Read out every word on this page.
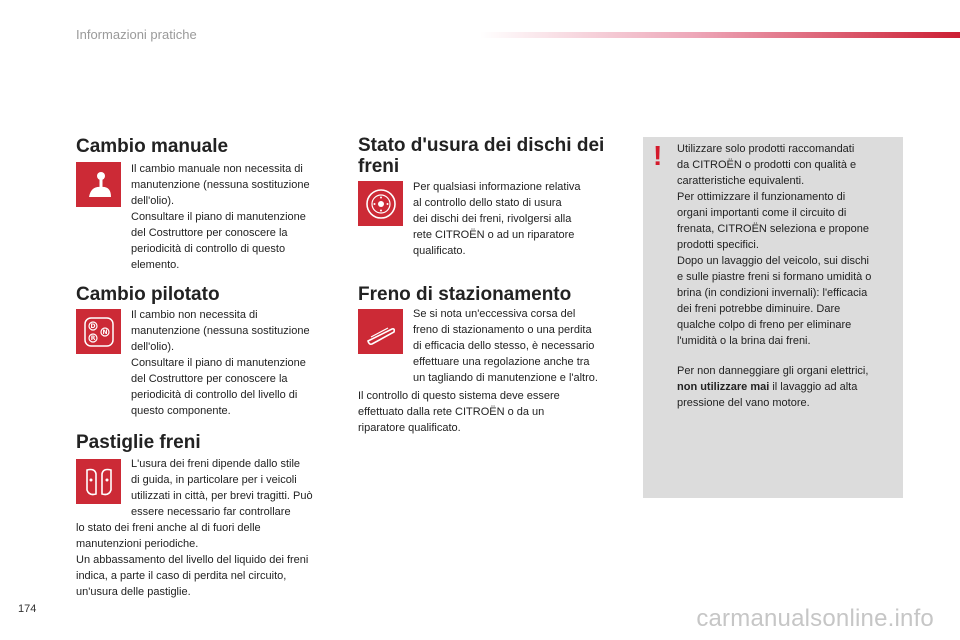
Informazioni pratiche
Cambio manuale
Il cambio manuale non necessita di
manutenzione (nessuna sostituzione
dell'olio).
Consultare il piano di manutenzione
del Costruttore per conoscere la
periodicità di controllo di questo
elemento.
Cambio pilotato
D
N
R
Il cambio non necessita di
manutenzione (nessuna sostituzione
dell'olio).
Consultare il piano di manutenzione
del Costruttore per conoscere la
periodicità di controllo del livello di
questo componente.
Pastiglie freni
L'usura dei freni dipende dallo stile
di guida, in particolare per i veicoli
utilizzati in città, per brevi tragitti. Può
essere necessario far controllare
lo stato dei freni anche al di fuori delle
manutenzioni periodiche.
Un abbassamento del livello del liquido dei freni
indica, a parte il caso di perdita nel circuito,
un'usura delle pastiglie.
Stato d'usura dei dischi dei
freni
Per qualsiasi informazione relativa
al controllo dello stato di usura
dei dischi dei freni, rivolgersi alla
rete CITROËN o ad un riparatore
qualificato.
Freno di stazionamento
Se si nota un'eccessiva corsa del
freno di stazionamento o una perdita
di efficacia dello stesso, è necessario
effettuare una regolazione anche tra
un tagliando di manutenzione e l'altro.
Il controllo di questo sistema deve essere
effettuato dalla rete CITROËN o da un
riparatore qualificato.
! Utilizzare solo prodotti raccomandati
da CITROËN o prodotti con qualità e
caratteristiche equivalenti.
Per ottimizzare il funzionamento di
organi importanti come il circuito di
frenata, CITROËN seleziona e propone
prodotti specifici.
Dopo un lavaggio del veicolo, sui dischi
e sulle piastre freni si formano umidità o
brina (in condizioni invernali): l'efficacia
dei freni potrebbe diminuire. Dare
qualche colpo di freno per eliminare
l'umidità o la brina dai freni.
Per non danneggiare gli organi elettrici,
non utilizzare mai il lavaggio ad alta
pressione del vano motore.
174	carmanualsonline.info
